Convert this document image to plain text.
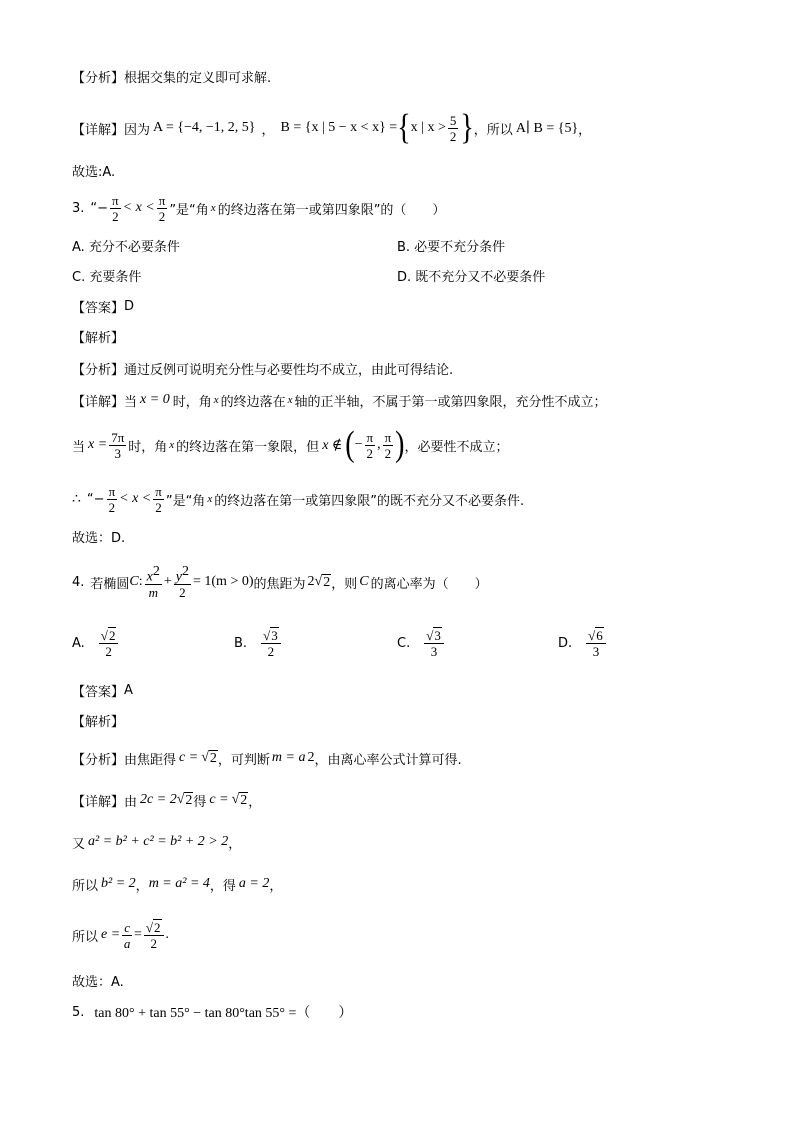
【分析】 根据交集的定义即可求解.
【详解】 因为 A = {−4, −1, 2, 5} ， B = {x | 5 − x < x} = { x | $x > \frac{5}{2}$ } ，所以 A∣ B = {5} ，
故选:A.
3. “− $\frac{\pi}{2} < x < \frac{\pi}{2}$ ”是“角 x 的终边落在第一或第四象限”的（　　）
A. 充分不必要条件	B. 必要不充分条件
C. 充要条件	D. 既不充分又不必要条件
【答案】 D
【解析】
【分析】 通过反例可说明充分性与必要性均不成立，由此可得结论.
【详解】 当 x = 0 时，角 x 的终边落在 x 轴的正半轴，不属于第一或第四象限，充分性不成立；
当 $x = \frac{7\pi}{3}$ 时，角 x 的终边落在第一象限，但 x ∉ ( − $\frac{\pi}{2}$ , $\frac{\pi}{2}$ ) ，必要性不成立；
∴ “− $\frac{\pi}{2} < x < \frac{\pi}{2}$ ”是“角 x 的终边落在第一或第四象限”的既不充分又不必要条件.
故选：D.
4. 若椭圆 C : $\frac{x^2}{m} + \frac{y^2}{2} = 1(m > 0)$ 的焦距为 2 √ 2 ，则 C 的离心率为（　　）
A. $\frac{√ 2}{2}$	B. $\frac{√ 3}{2}$	C. $\frac{√ 3}{3}$	D. $\frac{√ 6}{3}$
【答案】 A
【解析】
【分析】 由焦距得 c = √ 2 ，可判断 m = a 2 ，由离心率公式计算可得.
【详解】 由 2c = 2 √ 2 得 c = √ 2 ，
又 a² = b² + c² = b² + 2 > 2 ，
所以 b² = 2 ， m = a² = 4 ，得 a = 2 ，
所以 $e = \frac{c}{a} = \frac{√ 2}{2}$ .
故选：A.
5. tan 80° + tan 55° − tan 80°tan 55° =（　　）
